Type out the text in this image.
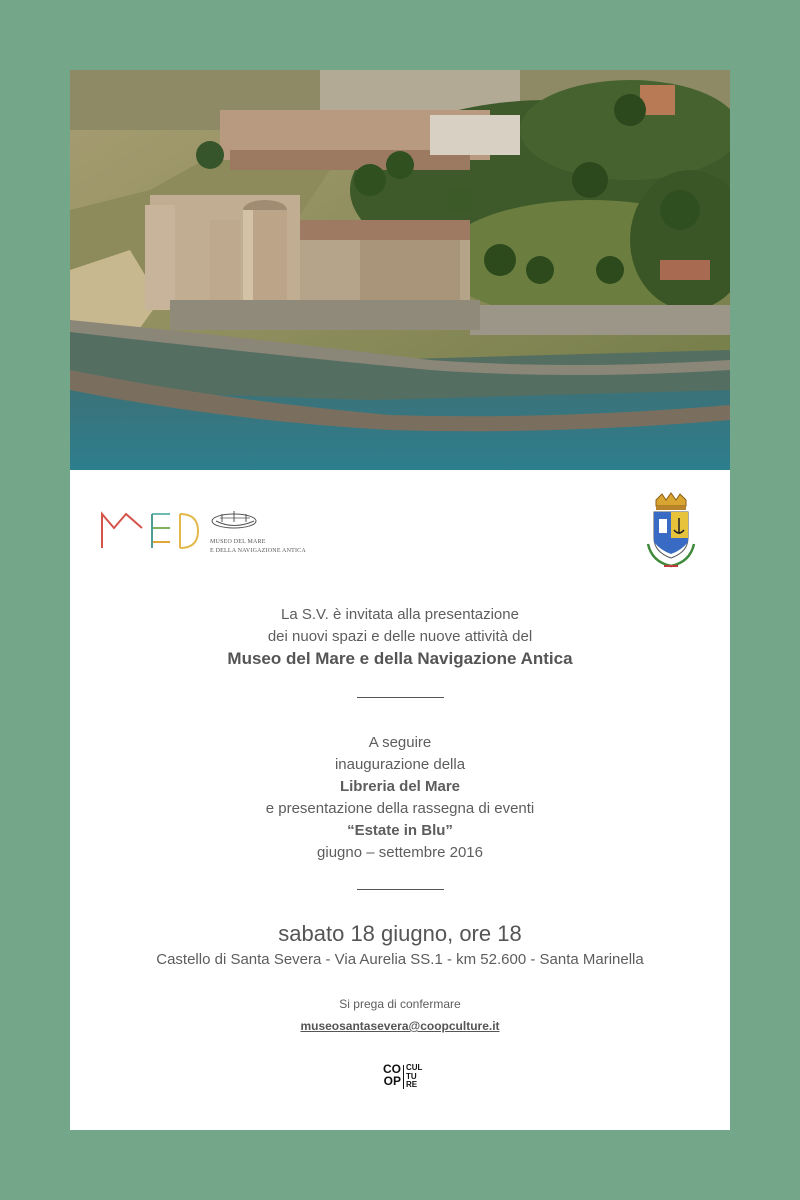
MUSEO DEL MARE
E DELLA NAVIGAZIONE ANTICA
La S.V. è invitata alla presentazione
dei nuovi spazi e delle nuove attività del
Museo del Mare e della Navigazione Antica
A seguire
inaugurazione della
Libreria del Mare
e presentazione della rassegna di eventi
“Estate in Blu”
giugno – settembre 2016
sabato 18 giugno, ore 18
Castello di Santa Severa - Via Aurelia SS.1 - km 52.600 - Santa Marinella
Si prega di confermare
museosantasevera@coopculture.it
CO
OP
CUL
TU
RE
